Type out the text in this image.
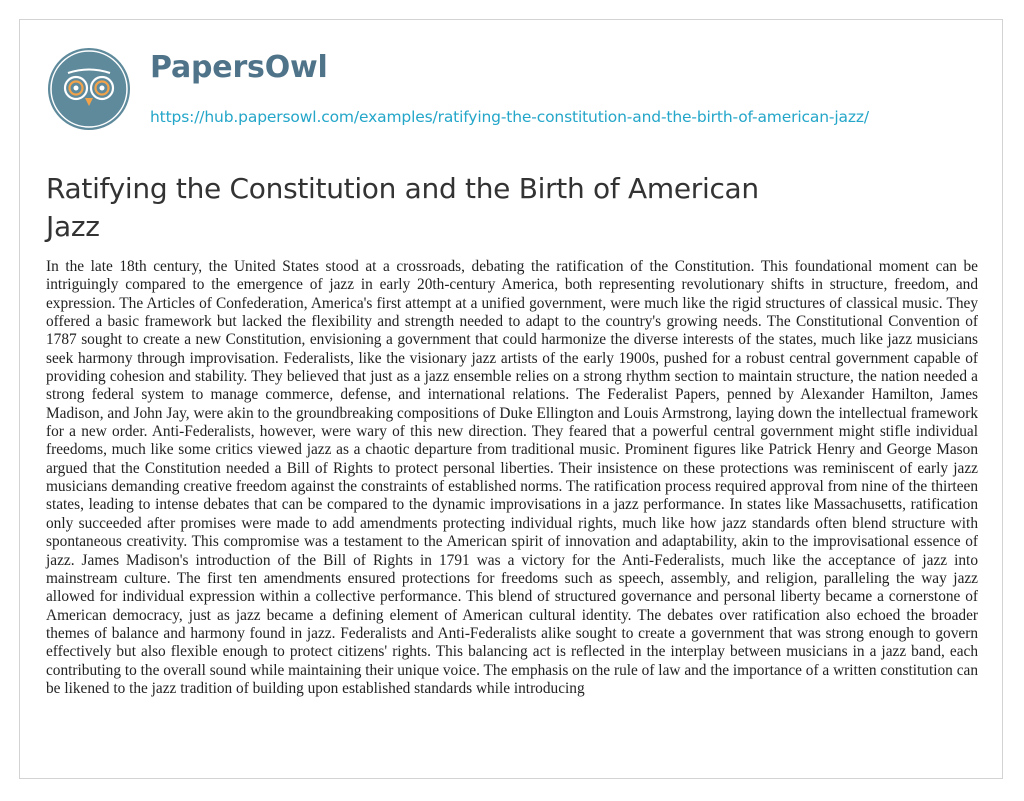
PapersOwl
https://hub.papersowl.com/examples/ratifying-the-constitution-and-the-birth-of-american-jazz/
Ratifying the Constitution and the Birth of American Jazz
In the late 18th century, the United States stood at a crossroads, debating the ratification of the Constitution. This foundational moment can be intriguingly compared to the emergence of jazz in early 20th-century America, both representing revolutionary shifts in structure, freedom, and expression. The Articles of Confederation, America's first attempt at a unified government, were much like the rigid structures of classical music. They offered a basic framework but lacked the flexibility and strength needed to adapt to the country's growing needs. The Constitutional Convention of 1787 sought to create a new Constitution, envisioning a government that could harmonize the diverse interests of the states, much like jazz musicians seek harmony through improvisation. Federalists, like the visionary jazz artists of the early 1900s, pushed for a robust central government capable of providing cohesion and stability. They believed that just as a jazz ensemble relies on a strong rhythm section to maintain structure, the nation needed a strong federal system to manage commerce, defense, and international relations. The Federalist Papers, penned by Alexander Hamilton, James Madison, and John Jay, were akin to the groundbreaking compositions of Duke Ellington and Louis Armstrong, laying down the intellectual framework for a new order. Anti-Federalists, however, were wary of this new direction. They feared that a powerful central government might stifle individual freedoms, much like some critics viewed jazz as a chaotic departure from traditional music. Prominent figures like Patrick Henry and George Mason argued that the Constitution needed a Bill of Rights to protect personal liberties. Their insistence on these protections was reminiscent of early jazz musicians demanding creative freedom against the constraints of established norms. The ratification process required approval from nine of the thirteen states, leading to intense debates that can be compared to the dynamic improvisations in a jazz performance. In states like Massachusetts, ratification only succeeded after promises were made to add amendments protecting individual rights, much like how jazz standards often blend structure with spontaneous creativity. This compromise was a testament to the American spirit of innovation and adaptability, akin to the improvisational essence of jazz. James Madison's introduction of the Bill of Rights in 1791 was a victory for the Anti-Federalists, much like the acceptance of jazz into mainstream culture. The first ten amendments ensured protections for freedoms such as speech, assembly, and religion, paralleling the way jazz allowed for individual expression within a collective performance. This blend of structured governance and personal liberty became a cornerstone of American democracy, just as jazz became a defining element of American cultural identity. The debates over ratification also echoed the broader themes of balance and harmony found in jazz. Federalists and Anti-Federalists alike sought to create a government that was strong enough to govern effectively but also flexible enough to protect citizens' rights. This balancing act is reflected in the interplay between musicians in a jazz band, each contributing to the overall sound while maintaining their unique voice. The emphasis on the rule of law and the importance of a written constitution can be likened to the jazz tradition of building upon established standards while introducing
